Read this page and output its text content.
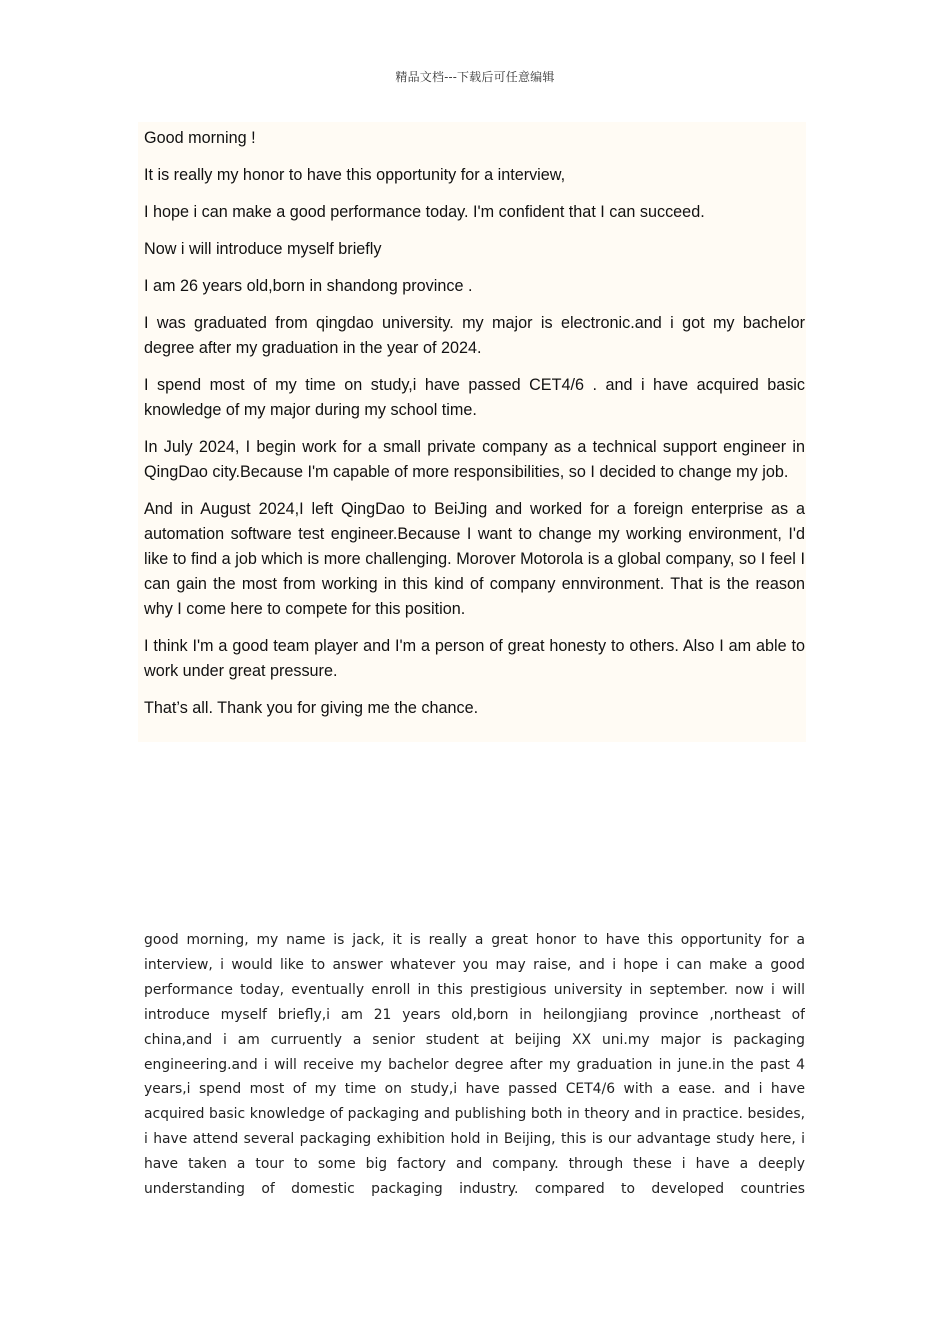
精品文档---下载后可任意编辑

Good morning !

It is really my honor to have this opportunity for a interview,

I hope i can make a good performance today. I'm confident that I can succeed.

Now i will introduce myself briefly

I am 26 years old,born in shandong province .

I was graduated from qingdao university. my major is electronic.and i got my bachelor degree after my graduation in the year of 2024.

I spend most of my time on study,i have passed CET4/6 . and i have acquired basic knowledge of my major during my school time.

In July 2024, I begin work for a small private company as a technical support engineer in QingDao city.Because I'm capable of more responsibilities, so I decided to change my job.

And in August 2024,I left QingDao to BeiJing and worked for a foreign enterprise as a automation software test engineer.Because I want to change my working environment, I'd like to find a job which is more challenging. Morover Motorola is a global company, so I feel I can gain the most from working in this kind of company ennvironment. That is the reason why I come here to compete for this position.

I think I'm a good team player and I'm a person of great honesty to others. Also I am able to work under great pressure.

That’s all. Thank you for giving me the chance.

good morning, my name is jack, it is really a great honor to have this opportunity for a interview, i would like to answer whatever you may raise, and i hope i can make a good performance today, eventually enroll in this prestigious university in september. now i will introduce myself briefly,i am 21 years old,born in heilongjiang province ,northeast of china,and i am curruently a senior student at beijing XX uni.my major is packaging engineering.and i will receive my bachelor degree after my graduation in june.in the past 4 years,i spend most of my time on study,i have passed CET4/6 with a ease. and i have acquired basic knowledge of packaging and publishing both in theory and in practice. besides, i have attend several packaging exhibition hold in Beijing, this is our advantage study here, i have taken a tour to some big factory and company. through these i have a deeply understanding of domestic packaging industry. compared to developed countries
